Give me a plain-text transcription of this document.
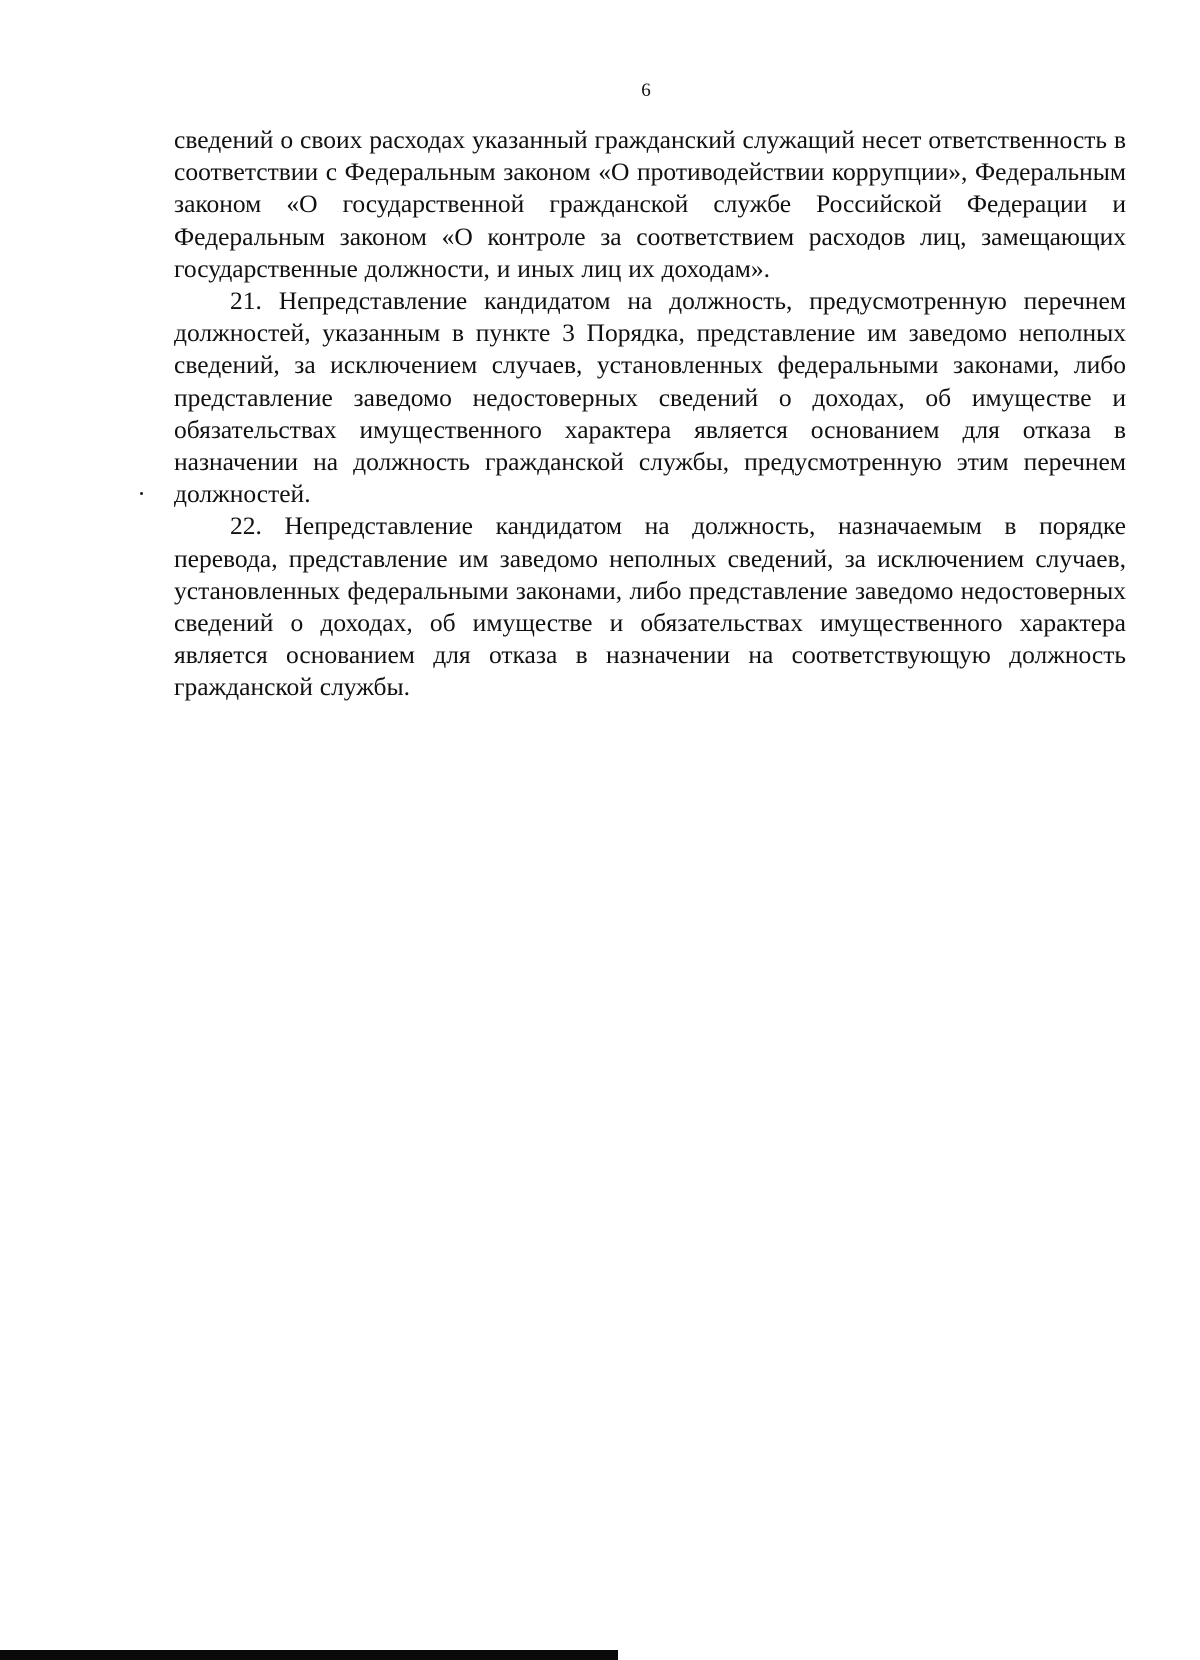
6

сведений о своих расходах указанный гражданский служащий несет ответственность в соответствии с Федеральным законом «О противодействии коррупции», Федеральным законом «О государственной гражданской службе Российской Федерации и Федеральным законом «О контроле за соответствием расходов лиц, замещающих государственные должности, и иных лиц их доходам».

21. Непредставление кандидатом на должность, предусмотренную перечнем должностей, указанным в пункте 3 Порядка, представление им заведомо неполных сведений, за исключением случаев, установленных федеральными законами, либо представление заведомо недостоверных сведений о доходах, об имуществе и обязательствах имущественного характера является основанием для отказа в назначении на должность гражданской службы, предусмотренную этим перечнем должностей.

22. Непредставление кандидатом на должность, назначаемым в порядке перевода, представление им заведомо неполных сведений, за исключением случаев, установленных федеральными законами, либо представление заведомо недостоверных сведений о доходах, об имуществе и обязательствах имущественного характера является основанием для отказа в назначении на соответствующую должность гражданской службы.
